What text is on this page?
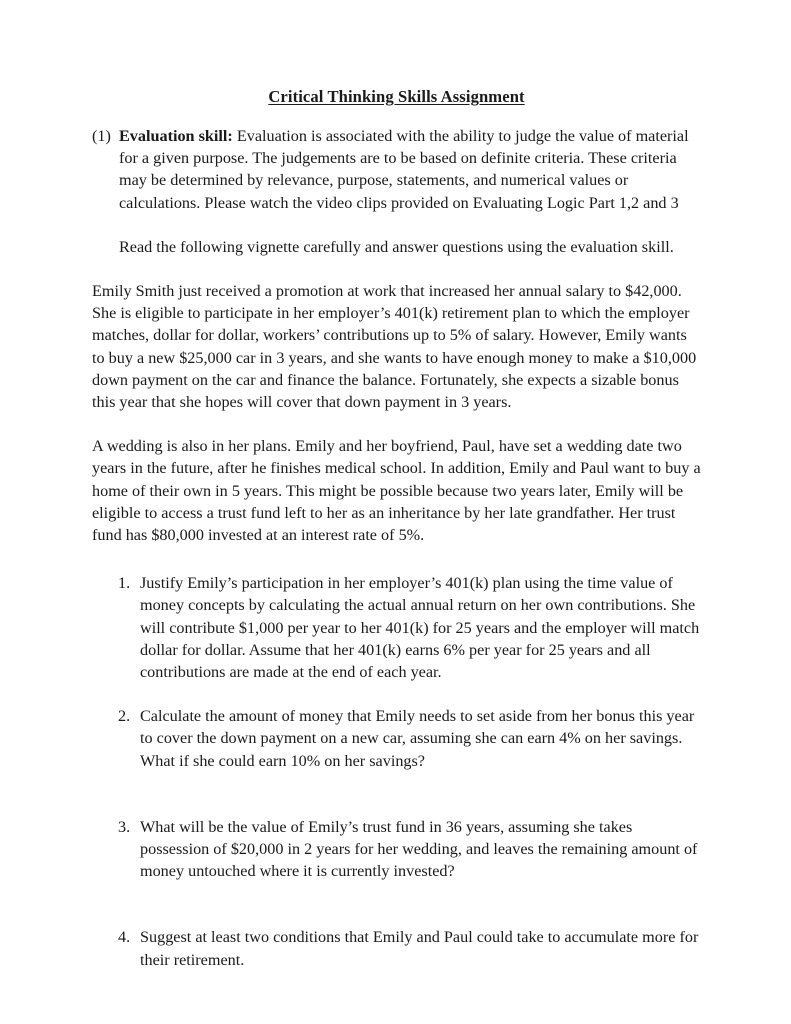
Critical Thinking Skills Assignment

(1) Evaluation skill: Evaluation is associated with the ability to judge the value of material for a given purpose. The judgements are to be based on definite criteria. These criteria may be determined by relevance, purpose, statements, and numerical values or calculations. Please watch the video clips provided on Evaluating Logic Part 1,2 and 3

Read the following vignette carefully and answer questions using the evaluation skill.

Emily Smith just received a promotion at work that increased her annual salary to $42,000. She is eligible to participate in her employer’s 401(k) retirement plan to which the employer matches, dollar for dollar, workers’ contributions up to 5% of salary. However, Emily wants to buy a new $25,000 car in 3 years, and she wants to have enough money to make a $10,000 down payment on the car and finance the balance. Fortunately, she expects a sizable bonus this year that she hopes will cover that down payment in 3 years.

A wedding is also in her plans. Emily and her boyfriend, Paul, have set a wedding date two years in the future, after he finishes medical school. In addition, Emily and Paul want to buy a home of their own in 5 years. This might be possible because two years later, Emily will be eligible to access a trust fund left to her as an inheritance by her late grandfather. Her trust fund has $80,000 invested at an interest rate of 5%.

1. Justify Emily’s participation in her employer’s 401(k) plan using the time value of money concepts by calculating the actual annual return on her own contributions. She will contribute $1,000 per year to her 401(k) for 25 years and the employer will match dollar for dollar. Assume that her 401(k) earns 6% per year for 25 years and all contributions are made at the end of each year.
2. Calculate the amount of money that Emily needs to set aside from her bonus this year to cover the down payment on a new car, assuming she can earn 4% on her savings. What if she could earn 10% on her savings?
3. What will be the value of Emily’s trust fund in 36 years, assuming she takes possession of $20,000 in 2 years for her wedding, and leaves the remaining amount of money untouched where it is currently invested?
4. Suggest at least two conditions that Emily and Paul could take to accumulate more for their retirement.
